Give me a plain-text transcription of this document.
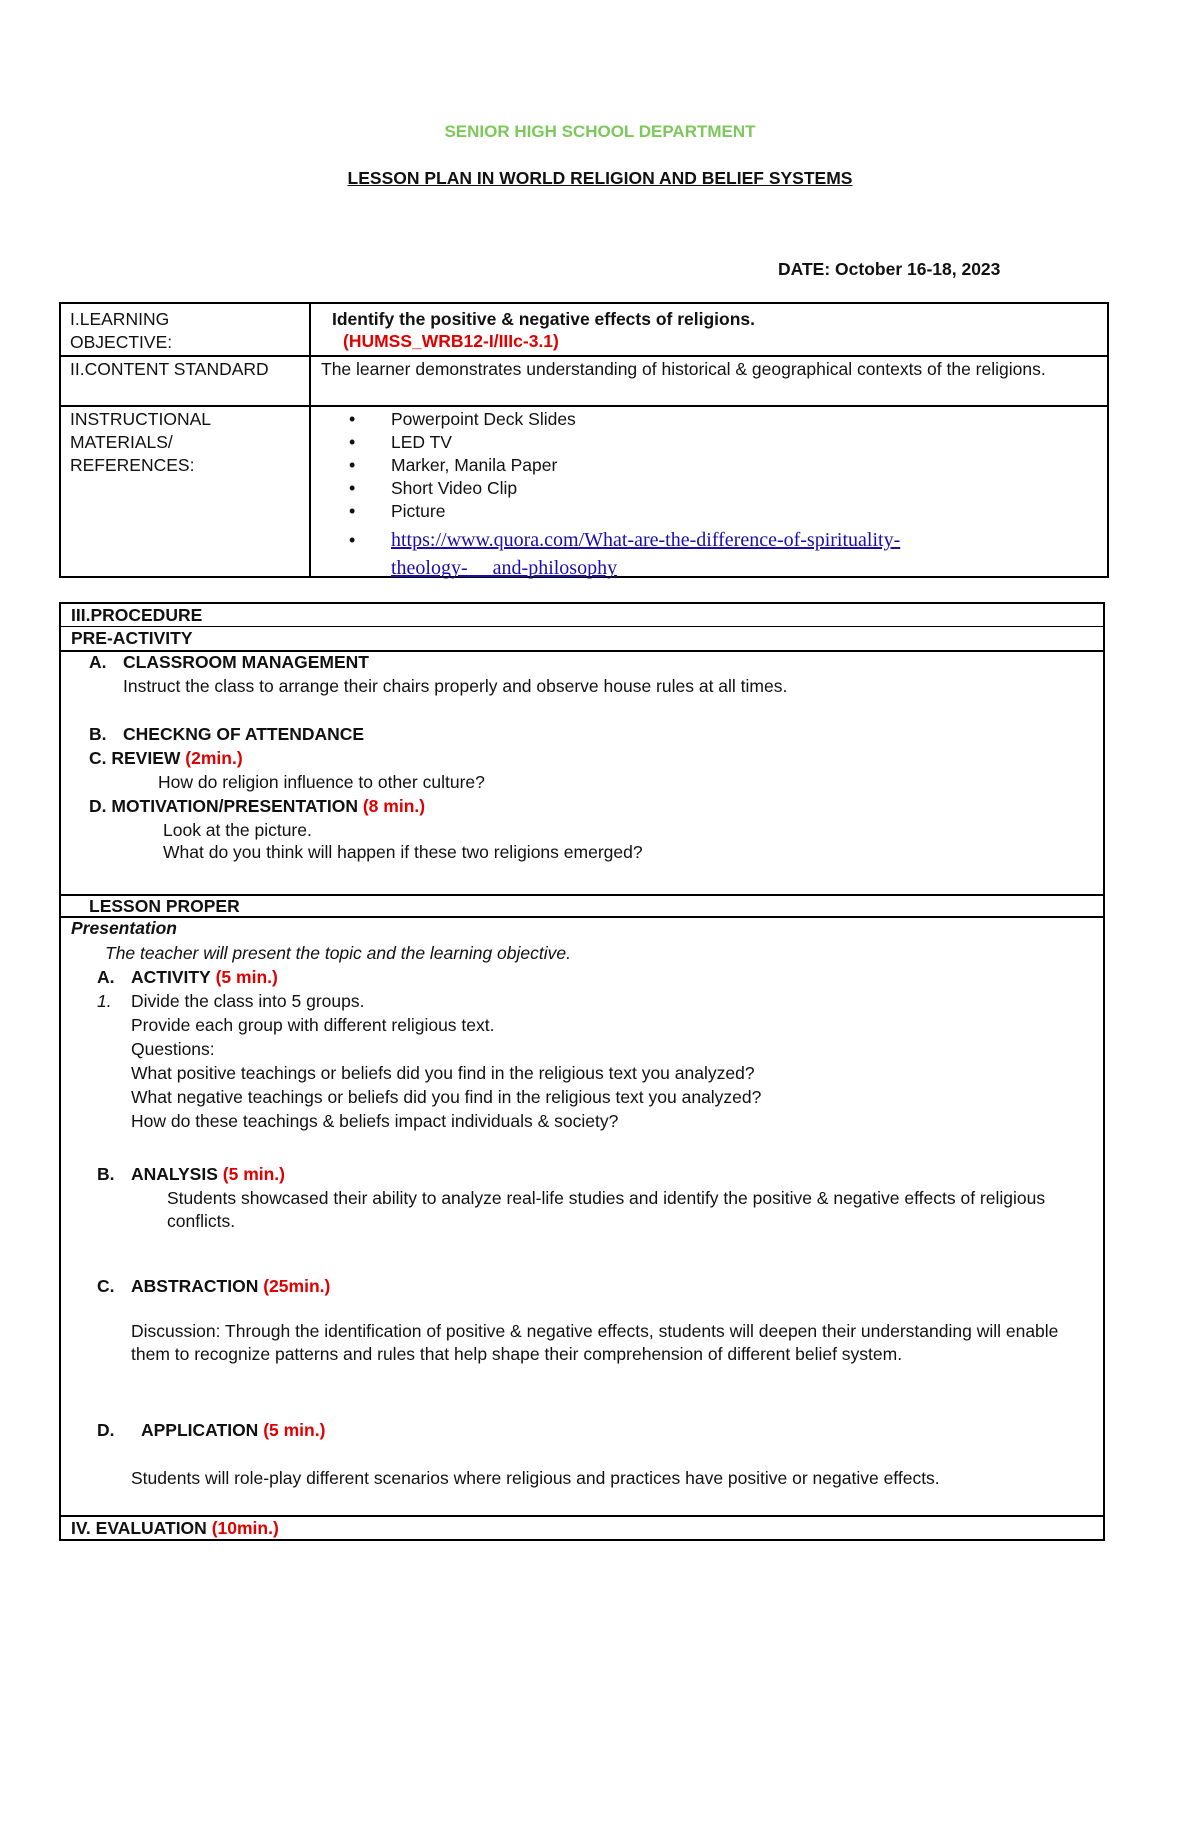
SENIOR HIGH SCHOOL DEPARTMENT
LESSON PLAN IN WORLD RELIGION AND BELIEF SYSTEMS
DATE: October 16-18, 2023
I.LEARNING
OBJECTIVE:
Identify the positive & negative effects of religions.
(HUMSS_WRB12-I/IIIc-3.1)
II.CONTENT STANDARD	The learner demonstrates understanding of historical & geographical contexts of the religions.
INSTRUCTIONAL
MATERIALS/
REFERENCES:
• Powerpoint Deck Slides
• LED TV
• Marker, Manila Paper
• Short Video Clip
• Picture
• https://www.quora.com/What-are-the-difference-of-spirituality-
theology-     and-philosophy
III.PROCEDURE
PRE-ACTIVITY
A. CLASSROOM MANAGEMENT
Instruct the class to arrange their chairs properly and observe house rules at all times.
B. CHECKNG OF ATTENDANCE
C. REVIEW (2min.)
How do religion influence to other culture?
D. MOTIVATION/PRESENTATION (8 min.)
Look at the picture.
What do you think will happen if these two religions emerged?
LESSON PROPER
Presentation
The teacher will present the topic and the learning objective.
A. ACTIVITY (5 min.)
1. Divide the class into 5 groups.
Provide each group with different religious text.
Questions:
What positive teachings or beliefs did you find in the religious text you analyzed?
What negative teachings or beliefs did you find in the religious text you analyzed?
How do these teachings & beliefs impact individuals & society?
B. ANALYSIS (5 min.)
Students showcased their ability to analyze real-life studies and identify the positive & negative effects of religious conflicts.
C. ABSTRACTION (25min.)
Discussion: Through the identification of positive & negative effects, students will deepen their understanding will enable them to recognize patterns and rules that help shape their comprehension of different belief system.
D. APPLICATION (5 min.)
Students will role-play different scenarios where religious and practices have positive or negative effects.
IV. EVALUATION (10min.)
